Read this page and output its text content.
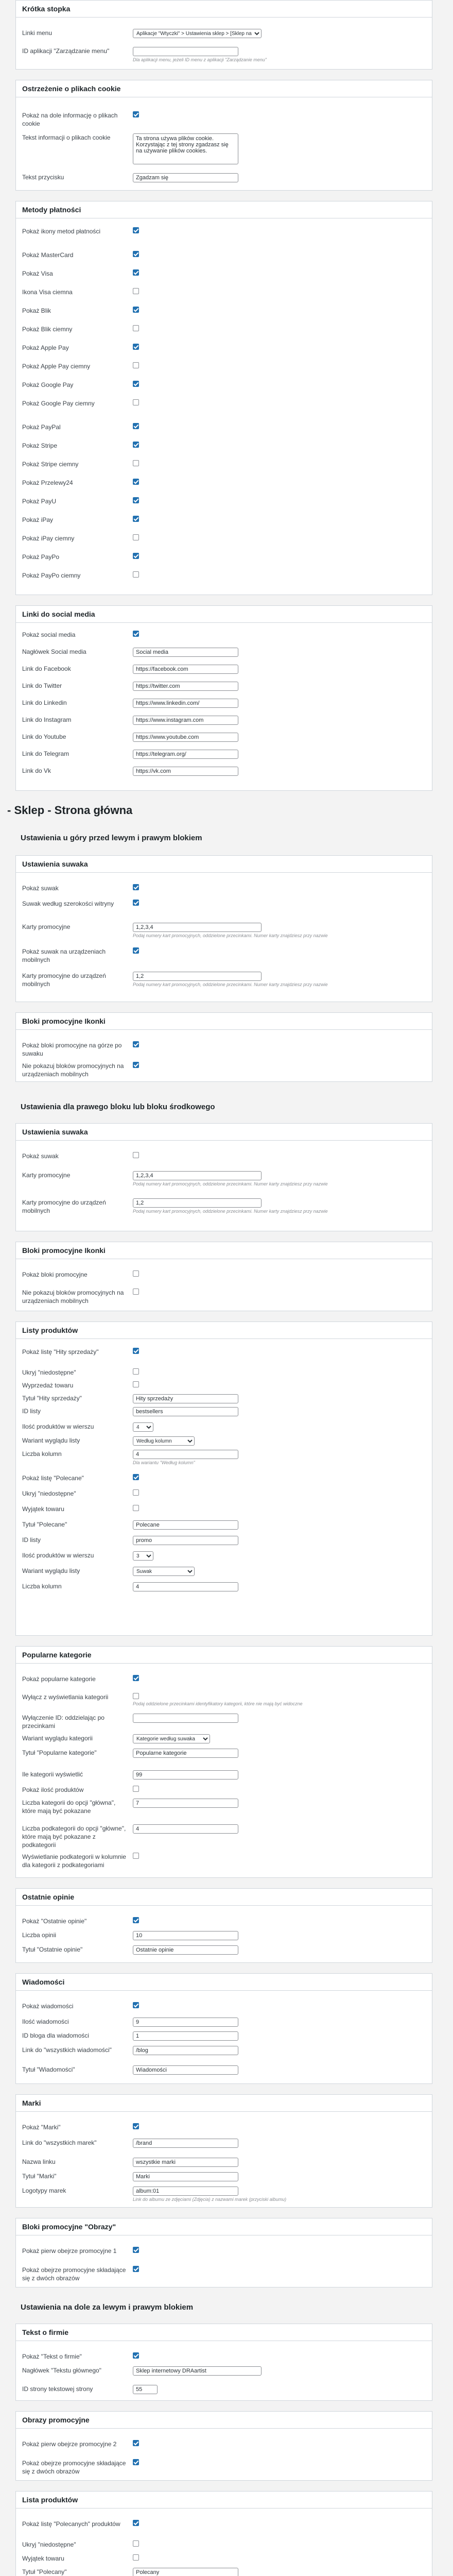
Krótka stopka
Linki menu
Aplikacje "Wtyczki" > Ustawienia sklep > [Sklep nagłówki]
ID aplikacji "Zarządzanie menu"
Dla aplikacji menu, jeżeli ID menu z aplikacji "Zarządzanie menu"
Ostrzeżenie o plikach cookie
Pokaż na dole informację o plikach cookie
Tekst informacji o plikach cookie
Ta strona używa plików cookie. Korzystając z tej strony zgadzasz się na używanie plików cookies.
Tekst przycisku
Zgadzam się
Metody płatności
Pokaż ikony metod płatności
Pokaż MasterCard
Pokaż Visa
Ikona Visa ciemna
Pokaż Blik
Pokaż Blik ciemny
Pokaż Apple Pay
Pokaż Apple Pay ciemny
Pokaż Google Pay
Pokaż Google Pay ciemny
Pokaż PayPal
Pokaż Stripe
Pokaż Stripe ciemny
Pokaż Przelewy24
Pokaż PayU
Pokaż iPay
Pokaż iPay ciemny
Pokaż PayPo
Pokaż PayPo ciemny
Linki do social media
Pokaż social media
Nagłówek Social media
Social media
Link do Facebook
https://facebook.com
Link do Twitter
https://twitter.com
Link do Linkedin
https://www.linkedin.com/
Link do Instagram
https://www.instagram.com
Link do Youtube
https://www.youtube.com
Link do Telegram
https://telegram.org/
Link do Vk
https://vk.com
- Sklep - Strona główna
Ustawienia u góry przed lewym i prawym blokiem
Ustawienia suwaka
Pokaż suwak
Suwak według szerokości witryny
Karty promocyjne
1,2,3,4
Podaj numery kart promocyjnych, oddzielone przecinkami. Numer karty znajdziesz przy nazwie
Pokaż suwak na urządzeniach mobilnych
Karty promocyjne do urządzeń mobilnych
1,2	Podaj numery kart promocyjnych, oddzielone przecinkami. Numer karty znajdziesz przy nazwie
Bloki promocyjne Ikonki
Pokaż bloki promocyjne na górze po suwaku
Nie pokazuj bloków promocyjnych na urządzeniach mobilnych
Ustawienia dla prawego bloku lub bloku środkowego
Ustawienia suwaka
Pokaż suwak
Karty promocyjne
1,2,3,4
Podaj numery kart promocyjnych, oddzielone przecinkami. Numer karty znajdziesz przy nazwie
Karty promocyjne do urządzeń mobilnych
1,2	Podaj numery kart promocyjnych, oddzielone przecinkami. Numer karty znajdziesz przy nazwie
Bloki promocyjne Ikonki
Pokaż bloki promocyjne
Nie pokazuj bloków promocyjnych na urządzeniach mobilnych
Listy produktów
Pokaż listę "Hity sprzedaży"
Ukryj "niedostępne"
Wyprzedaż towaru
Tytuł "Hity sprzedaży"
Hity sprzedaży
ID listy
bestsellers
Ilość produktów w wierszu
4
Wariant wyglądu listy
Według kolumn
Liczba kolumn
4
Dla wariantu "Według kolumn"
Pokaż listę "Polecane"
Ukryj "niedostępne"
Wyjątek towaru
Tytuł "Polecane"
Polecane
ID listy
promo
Ilość produktów w wierszu
3
Wariant wyglądu listy
Suwak
Liczba kolumn
4
Popularne kategorie
Pokaż popularne kategorie
Wyłącz z wyświetlania kategorii
Podaj oddzielone przecinkami identyfikatory kategorii, które nie mają być widoczne
Wyłączenie ID: oddzielając po przecinkami
Wariant wyglądu kategorii
Kategorie według suwaka
Tytuł "Popularne kategorie"
Popularne kategorie
Ile kategorii wyświetlić
99
Pokaż ilość produktów
Liczba kategorii do opcji "główna", które mają być pokazane
7
Liczba podkategorii do opcji "główne", które mają być pokazane z podkategorii
4
Wyświetlanie podkategorii w kolumnie dla kategorii z podkategoriami
Ostatnie opinie
Pokaż "Ostatnie opinie"
Liczba opinii
10
Tytuł "Ostatnie opinie"
Ostatnie opinie
Wiadomości
Pokaż wiadomości
Ilość wiadomości
9
ID bloga dla wiadomości
1
Link do "wszystkich wiadomości"
/blog
Tytuł "Wiadomości"
Wiadomości
Marki
Pokaż "Marki"
Link do "wszystkich marek"
/brand
Nazwa linku
wszystkie marki
Tytuł "Marki"
Marki
Logotypy marek
album:01
Link do albumu ze zdjęciami (Zdjęcia) z nazwami marek (przyciski albumu)
Bloki promocyjne "Obrazy"
Pokaż pierw obejrze promocyjne 1
Pokaż obejrze promocyjne składające się z dwóch obrazów
Ustawienia na dole za lewym i prawym blokiem
Tekst o firmie
Pokaż "Tekst o firmie"
Nagłówek "Tekstu głównego"
Sklep internetowy DRAartist
ID strony tekstowej strony
55
Obrazy promocyjne
Pokaż pierw obejrze promocyjne 2
Pokaż obejrze promocyjne składające się z dwóch obrazów
Lista produktów
Pokaż listę "Polecanych" produktów
Ukryj "niedostępne"
Wyjątek towaru
Tytuł "Polecany"
Polecany
